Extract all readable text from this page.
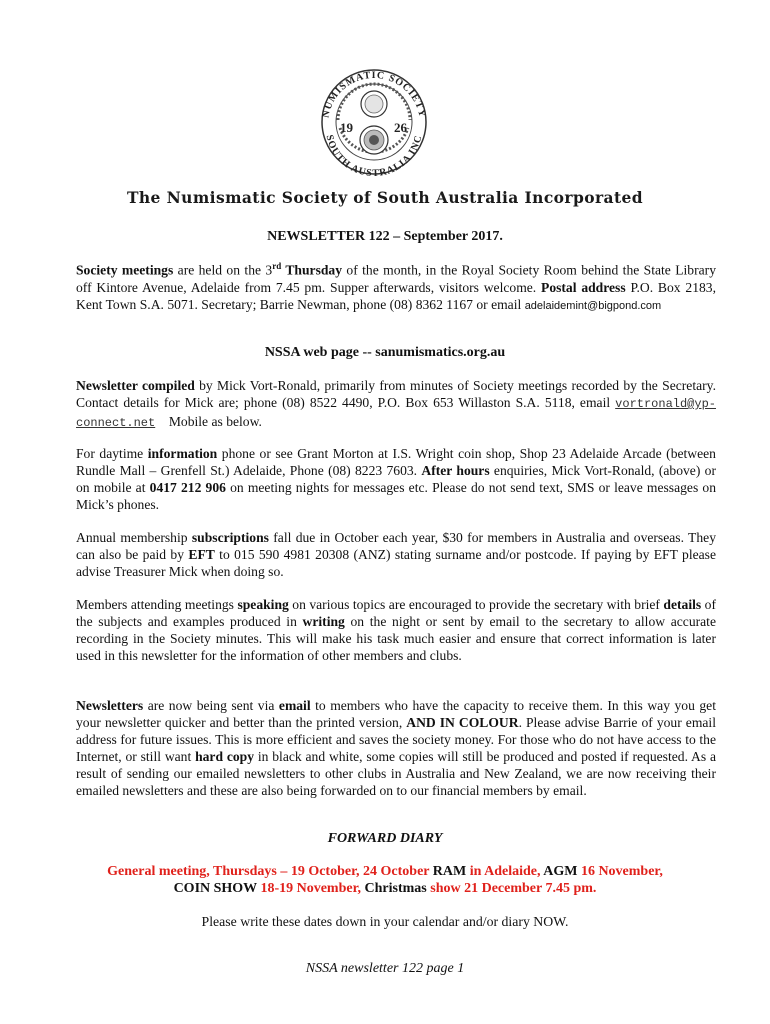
19	26
NUMISMATIC SOCIETY
SOUTH AUSTRALIA INC
The Numismatic Society of South Australia Incorporated
NEWSLETTER 122 – September 2017.

Society meetings are held on the 3rd Thursday of the month, in the Royal Society Room behind the State Library off Kintore Avenue, Adelaide from 7.45 pm. Supper afterwards, visitors welcome. Postal address P.O. Box 2183, Kent Town S.A. 5071. Secretary; Barrie Newman, phone (08) 8362 1167 or email adelaidemint@bigpond.com

NSSA web page -- sanumismatics.org.au

Newsletter compiled by Mick Vort-Ronald, primarily from minutes of Society meetings recorded by the Secretary. Contact details for Mick are; phone (08) 8522 4490, P.O. Box 653 Willaston S.A. 5118, email vortronald@yp-connect.net    Mobile as below.

For daytime information phone or see Grant Morton at I.S. Wright coin shop, Shop 23 Adelaide Arcade (between Rundle Mall – Grenfell St.) Adelaide, Phone (08) 8223 7603. After hours enquiries, Mick Vort-Ronald, (above) or on mobile at 0417 212 906 on meeting nights for messages etc. Please do not send text, SMS or leave messages on Mick’s phones.

Annual membership subscriptions fall due in October each year, $30 for members in Australia and overseas. They can also be paid by EFT to 015 590 4981 20308 (ANZ) stating surname and/or postcode. If paying by EFT please advise Treasurer Mick when doing so.

Members attending meetings speaking on various topics are encouraged to provide the secretary with brief details of the subjects and examples produced in writing on the night or sent by email to the secretary to allow accurate recording in the Society minutes. This will make his task much easier and ensure that correct information is later used in this newsletter for the information of other members and clubs.

Newsletters are now being sent via email to members who have the capacity to receive them. In this way you get your newsletter quicker and better than the printed version, AND IN COLOUR. Please advise Barrie of your email address for future issues. This is more efficient and saves the society money. For those who do not have access to the Internet, or still want hard copy in black and white, some copies will still be produced and posted if requested. As a result of sending our emailed newsletters to other clubs in Australia and New Zealand, we are now receiving their emailed newsletters and these are also being forwarded on to our financial members by email.

FORWARD DIARY
General meeting, Thursdays – 19 October, 24 October RAM in Adelaide, AGM 16 November,
COIN SHOW 18-19 November, Christmas show 21 December 7.45 pm.
Please write these dates down in your calendar and/or diary NOW.
NSSA newsletter 122 page 1
